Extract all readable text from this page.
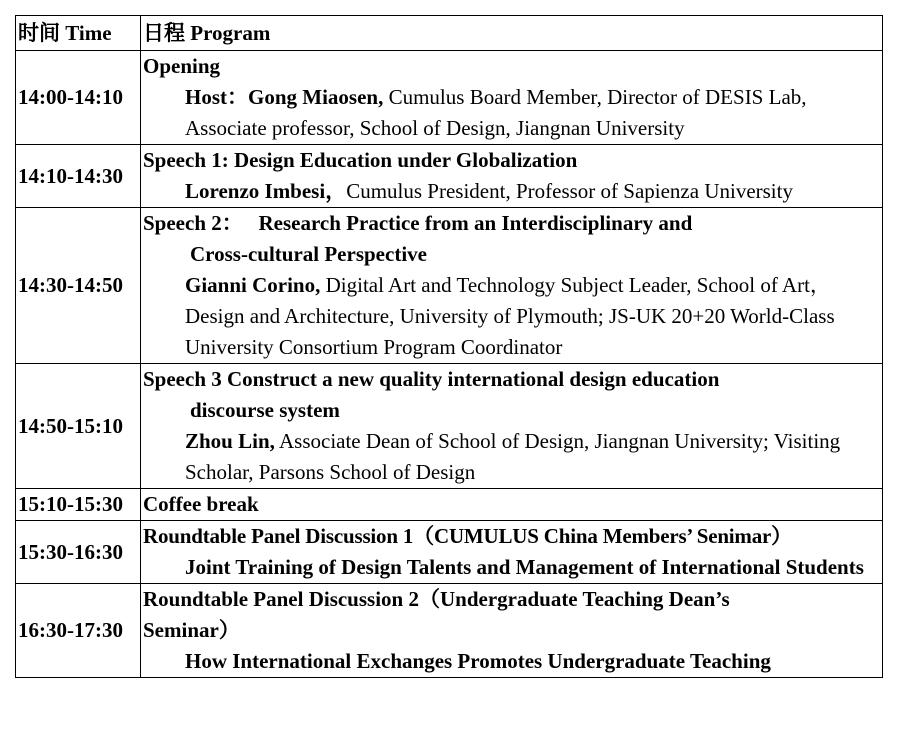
时间 Time	日程 Program
14:00-14:10	Opening
Host：Gong Miaosen, Cumulus Board Member, Director of DESIS Lab, Associate professor, School of Design, Jiangnan University

14:10-14:30	Speech 1: Design Education under Globalization
Lorenzo Imbesi，Cumulus President, Professor of Sapienza University

14:30-14:50	Speech 2：   Research Practice from an Interdisciplinary and
Cross-cultural Perspective
Gianni Corino, Digital Art and Technology Subject Leader, School of Art， Design and Architecture, University of Plymouth; JS-UK 20+20 World-Class University Consortium Program Coordinator

14:50-15:10	Speech 3 Construct a new quality international design education
discourse system
Zhou Lin, Associate Dean of School of Design, Jiangnan University; Visiting Scholar, Parsons School of Design

15:10-15:30	Coffee break

15:30-16:30	Roundtable Panel Discussion 1（CUMULUS China Members’ Senimar）
Joint Training of Design Talents and Management of International Students

16:30-17:30	Roundtable Panel Discussion 2（Undergraduate Teaching Dean’s
Seminar）
How International Exchanges Promotes Undergraduate Teaching
